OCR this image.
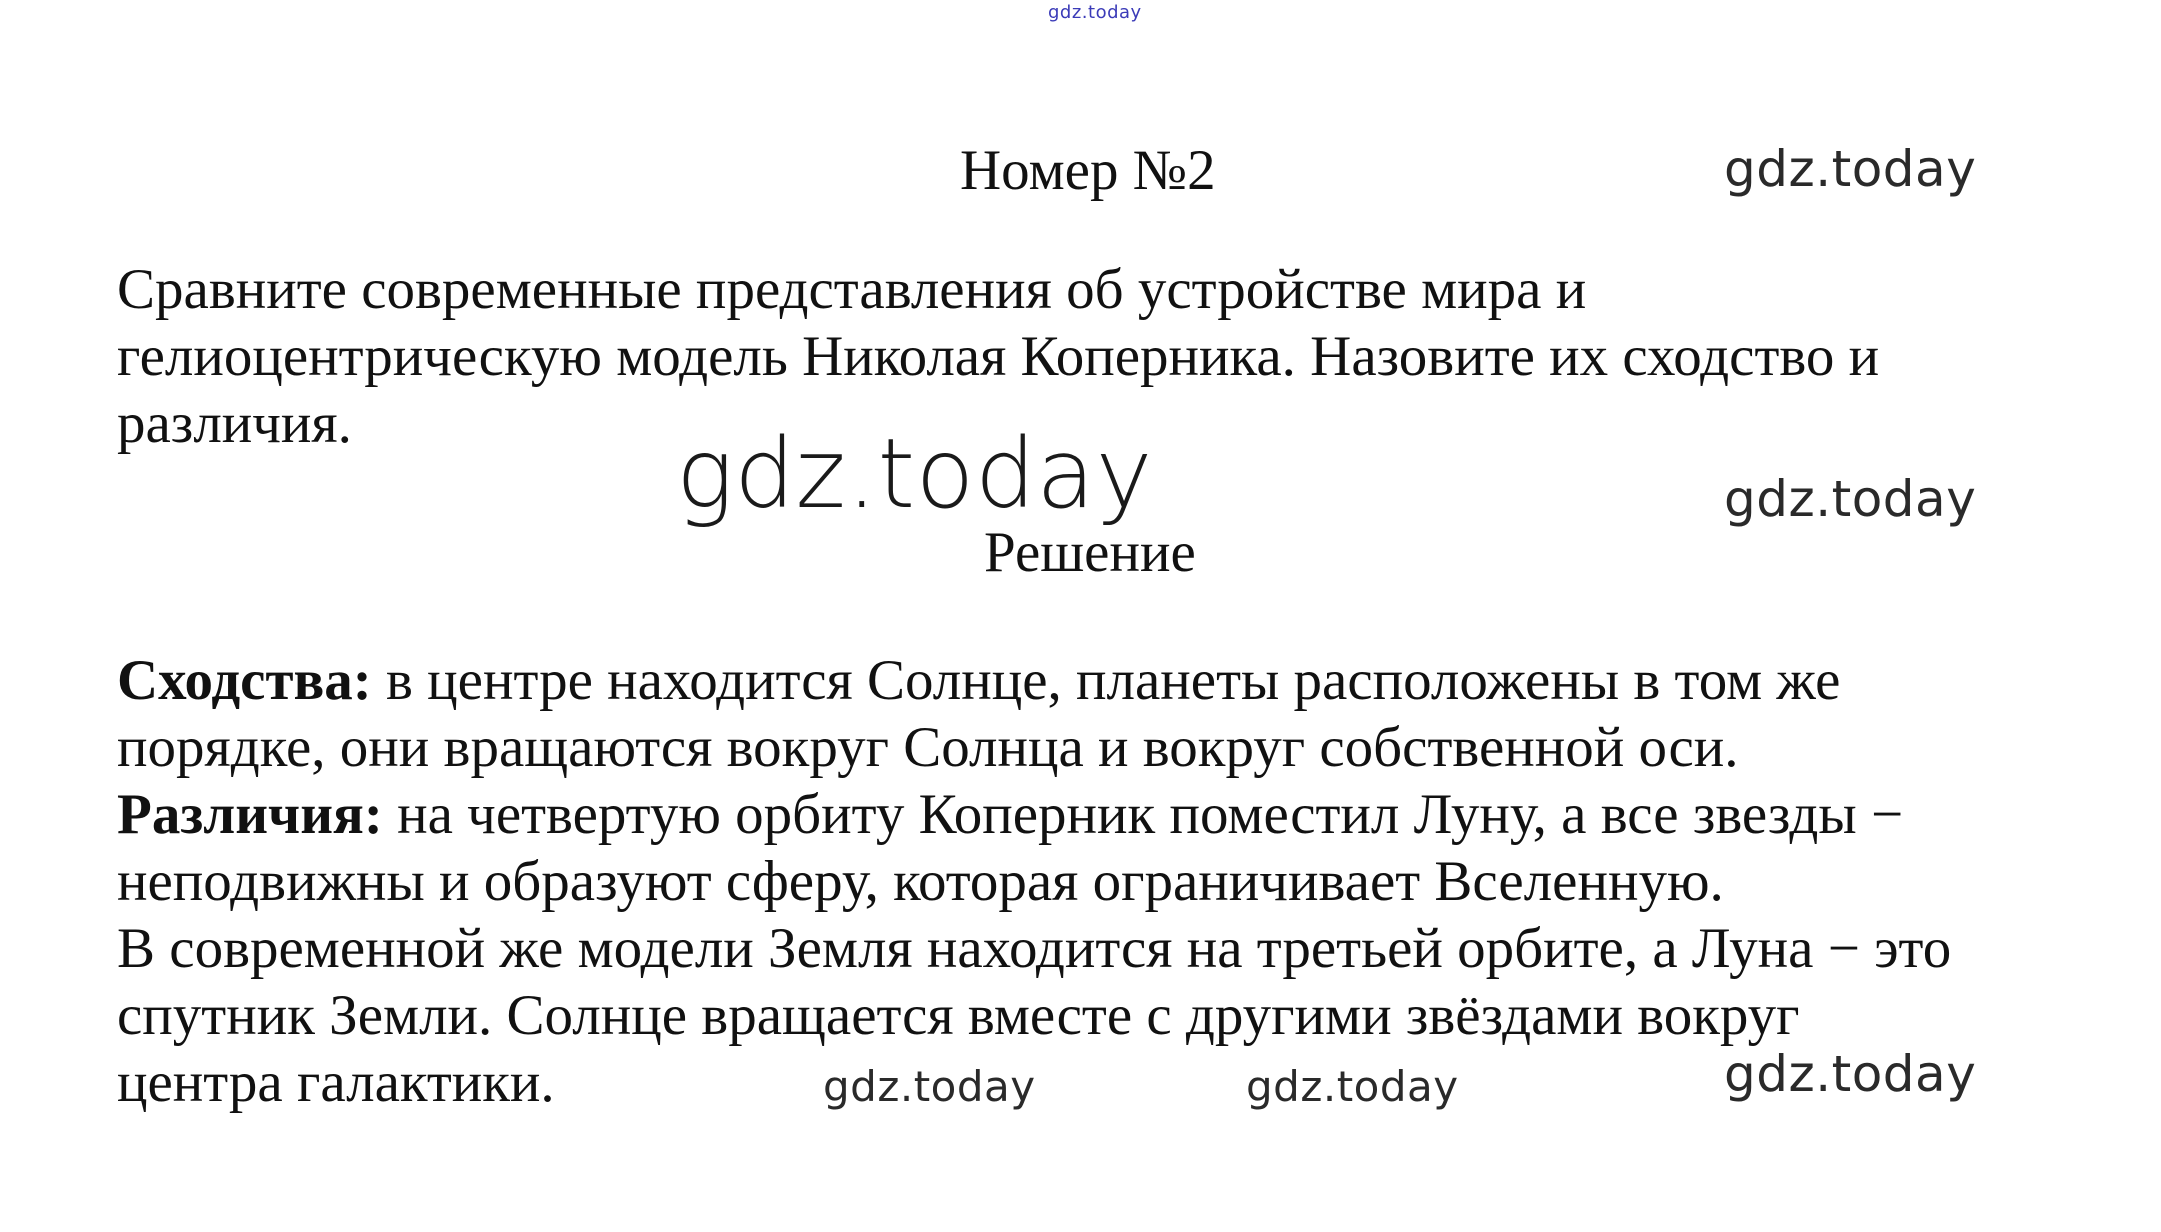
gdz.today
gdz.today
gdz.today
gdz.today
gdz.today	gdz.today	gdz.today
Номер №2

Сравните современные представления об устройстве мира и
гелиоцентрическую модель Николая Коперника. Назовите их сходство и
различия.

Решение

Сходства: в центре находится Солнце, планеты расположены в том же
порядке, они вращаются вокруг Солнца и вокруг собственной оси.
Различия: на четвертую орбиту Коперник поместил Луну, а все звезды −
неподвижны и образуют сферу, которая ограничивает Вселенную.
В современной же модели Земля находится на третьей орбите, а Луна − это
спутник Земли. Солнце вращается вместе с другими звёздами вокруг
центра галактики.
